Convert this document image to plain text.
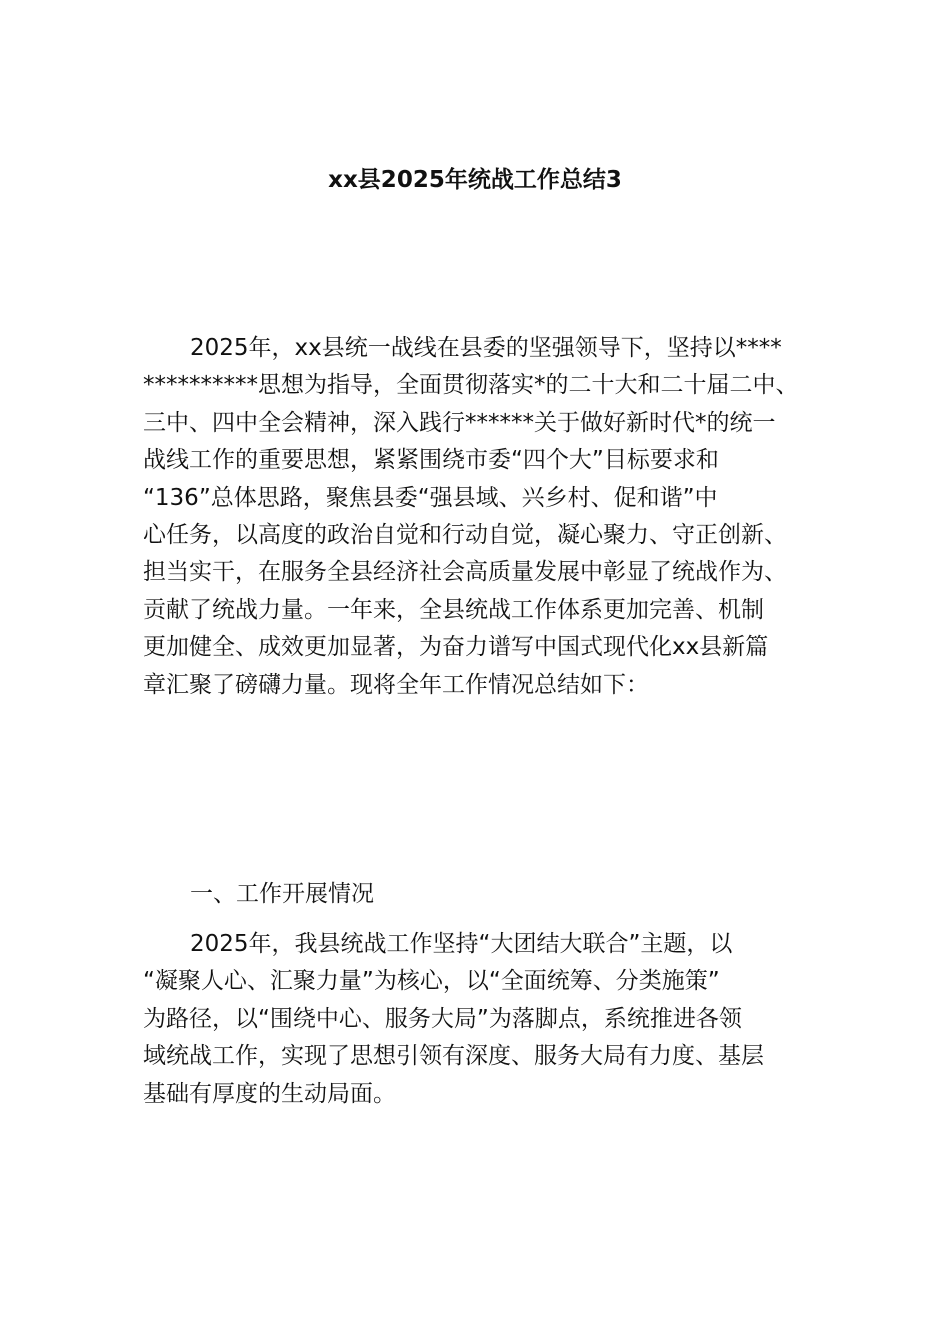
xx县2025年统战工作总结3
2025年，xx县统一战线在县委的坚强领导下，坚持以****
**********思想为指导，全面贯彻落实*的二十大和二十届二中、
三中、四中全会精神，深入践行******关于做好新时代*的统一
战线工作的重要思想，紧紧围绕市委“四个大”目标要求和
“136”总体思路，聚焦县委“强县域、兴乡村、促和谐”中
心任务，以高度的政治自觉和行动自觉，凝心聚力、守正创新、
担当实干，在服务全县经济社会高质量发展中彰显了统战作为、
贡献了统战力量。一年来，全县统战工作体系更加完善、机制
更加健全、成效更加显著，为奋力谱写中国式现代化xx县新篇
章汇聚了磅礴力量。现将全年工作情况总结如下：
一、工作开展情况
2025年，我县统战工作坚持“大团结大联合”主题，以
“凝聚人心、汇聚力量”为核心，以“全面统筹、分类施策”
为路径，以“围绕中心、服务大局”为落脚点，系统推进各领
域统战工作，实现了思想引领有深度、服务大局有力度、基层
基础有厚度的生动局面。
